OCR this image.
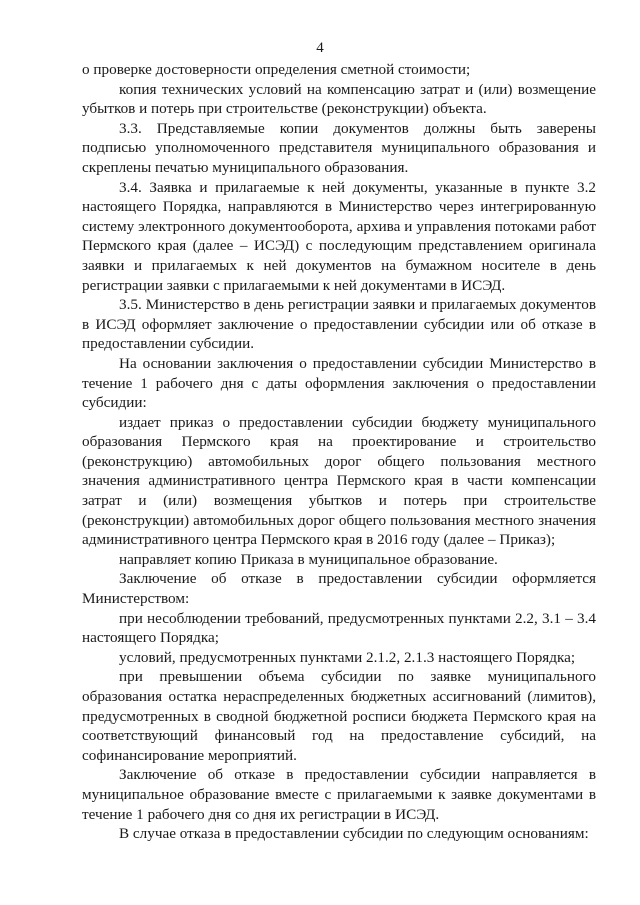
4

о проверке достоверности определения сметной стоимости;

копия технических условий на компенсацию затрат и (или) возмещение убытков и потерь при строительстве (реконструкции) объекта.

3.3. Представляемые копии документов должны быть заверены подписью уполномоченного представителя муниципального образования и скреплены печатью муниципального образования.

3.4. Заявка и прилагаемые к ней документы, указанные в пункте 3.2 настоящего Порядка, направляются в Министерство через интегрированную систему электронного документооборота, архива и управления потоками работ Пермского края (далее – ИСЭД) с последующим представлением оригинала заявки и прилагаемых к ней документов на бумажном носителе в день регистрации заявки с прилагаемыми к ней документами в ИСЭД.

3.5. Министерство в день регистрации заявки и прилагаемых документов в ИСЭД оформляет заключение о предоставлении субсидии или об отказе в предоставлении субсидии.

На основании заключения о предоставлении субсидии Министерство в течение 1 рабочего дня с даты оформления заключения о предоставлении субсидии:

издает приказ о предоставлении субсидии бюджету муниципального образования Пермского края на проектирование и строительство (реконструкцию) автомобильных дорог общего пользования местного значения административного центра Пермского края в части компенсации затрат и (или) возмещения убытков и потерь при строительстве (реконструкции) автомобильных дорог общего пользования местного значения административного центра Пермского края в 2016 году (далее – Приказ);

направляет копию Приказа в муниципальное образование.

Заключение об отказе в предоставлении субсидии оформляется Министерством:

при несоблюдении требований, предусмотренных пунктами 2.2, 3.1 – 3.4 настоящего Порядка;

условий, предусмотренных пунктами 2.1.2, 2.1.3 настоящего Порядка;

при превышении объема субсидии по заявке муниципального образования остатка нераспределенных бюджетных ассигнований (лимитов), предусмотренных в сводной бюджетной росписи бюджета Пермского края на соответствующий финансовый год на предоставление субсидий, на софинансирование мероприятий.

Заключение об отказе в предоставлении субсидии направляется в муниципальное образование вместе с прилагаемыми к заявке документами в течение 1 рабочего дня со дня их регистрации в ИСЭД.

В случае отказа в предоставлении субсидии по следующим основаниям:
